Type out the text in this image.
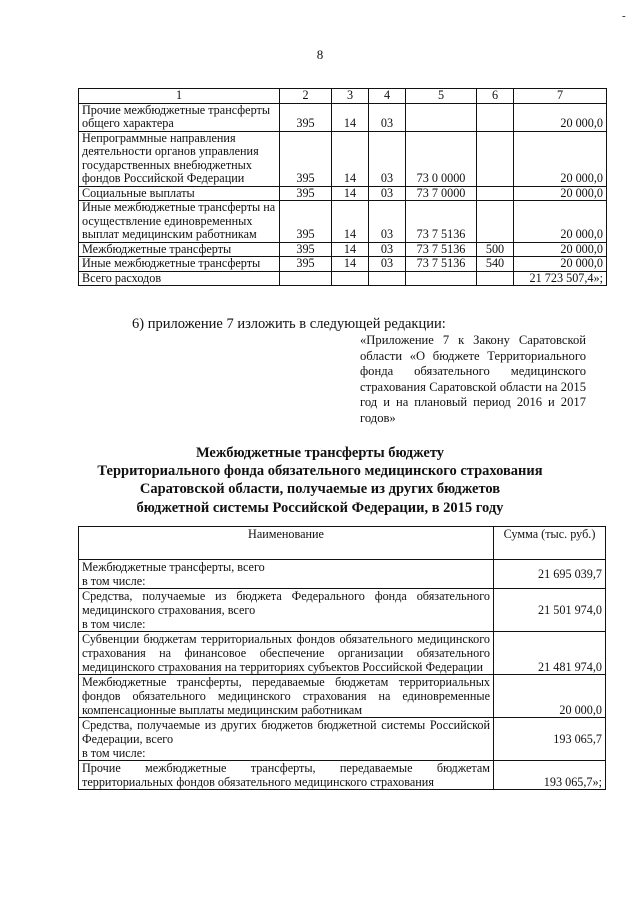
-
8
1	2	3	4	5	6	7
Прочие межбюджетные трансферты общего характера	395	14	03			20 000,0
Непрограммные направления деятельности органов управления государственных внебюджетных фондов Российской Федерации	395	14	03	73 0 0000		20 000,0
Социальные выплаты	395	14	03	73 7 0000		20 000,0
Иные межбюджетные трансферты на осуществление единовременных выплат медицинским работникам	395	14	03	73 7 5136		20 000,0
Межбюджетные трансферты	395	14	03	73 7 5136	500	20 000,0
Иные межбюджетные трансферты	395	14	03	73 7 5136	540	20 000,0
Всего расходов						21 723 507,4»;
6) приложение 7 изложить в следующей редакции:
«Приложение 7 к Закону Саратовской области «О бюджете Территориального фонда обязательного медицинского страхования Саратовской области на 2015 год и на плановый период 2016 и 2017 годов»
Межбюджетные трансферты бюджету
Территориального фонда обязательного медицинского страхования
Саратовской области, получаемые из других бюджетов
бюджетной системы Российской Федерации, в 2015 году
Наименование	Сумма (тыс. руб.)

Межбюджетные трансферты, всего
в том числе:	21 695 039,7

Средства, получаемые из бюджета Федерального фонда обязательного медицинского страхования, всего
в том числе:	21 501 974,0

Субвенции бюджетам территориальных фондов обязательного медицинского страхования на финансовое обеспечение организации обязательного медицинского страхования на территориях субъектов Российской Федерации	21 481 974,0

Межбюджетные трансферты, передаваемые бюджетам территориальных фондов обязательного медицинского страхования на единовременные компенсационные выплаты медицинским работникам	20 000,0

Средства, получаемые из других бюджетов бюджетной системы Российской Федерации, всего
в том числе:	193 065,7

Прочие межбюджетные трансферты, передаваемые бюджетам территориальных фондов обязательного медицинского страхования	193 065,7»;
